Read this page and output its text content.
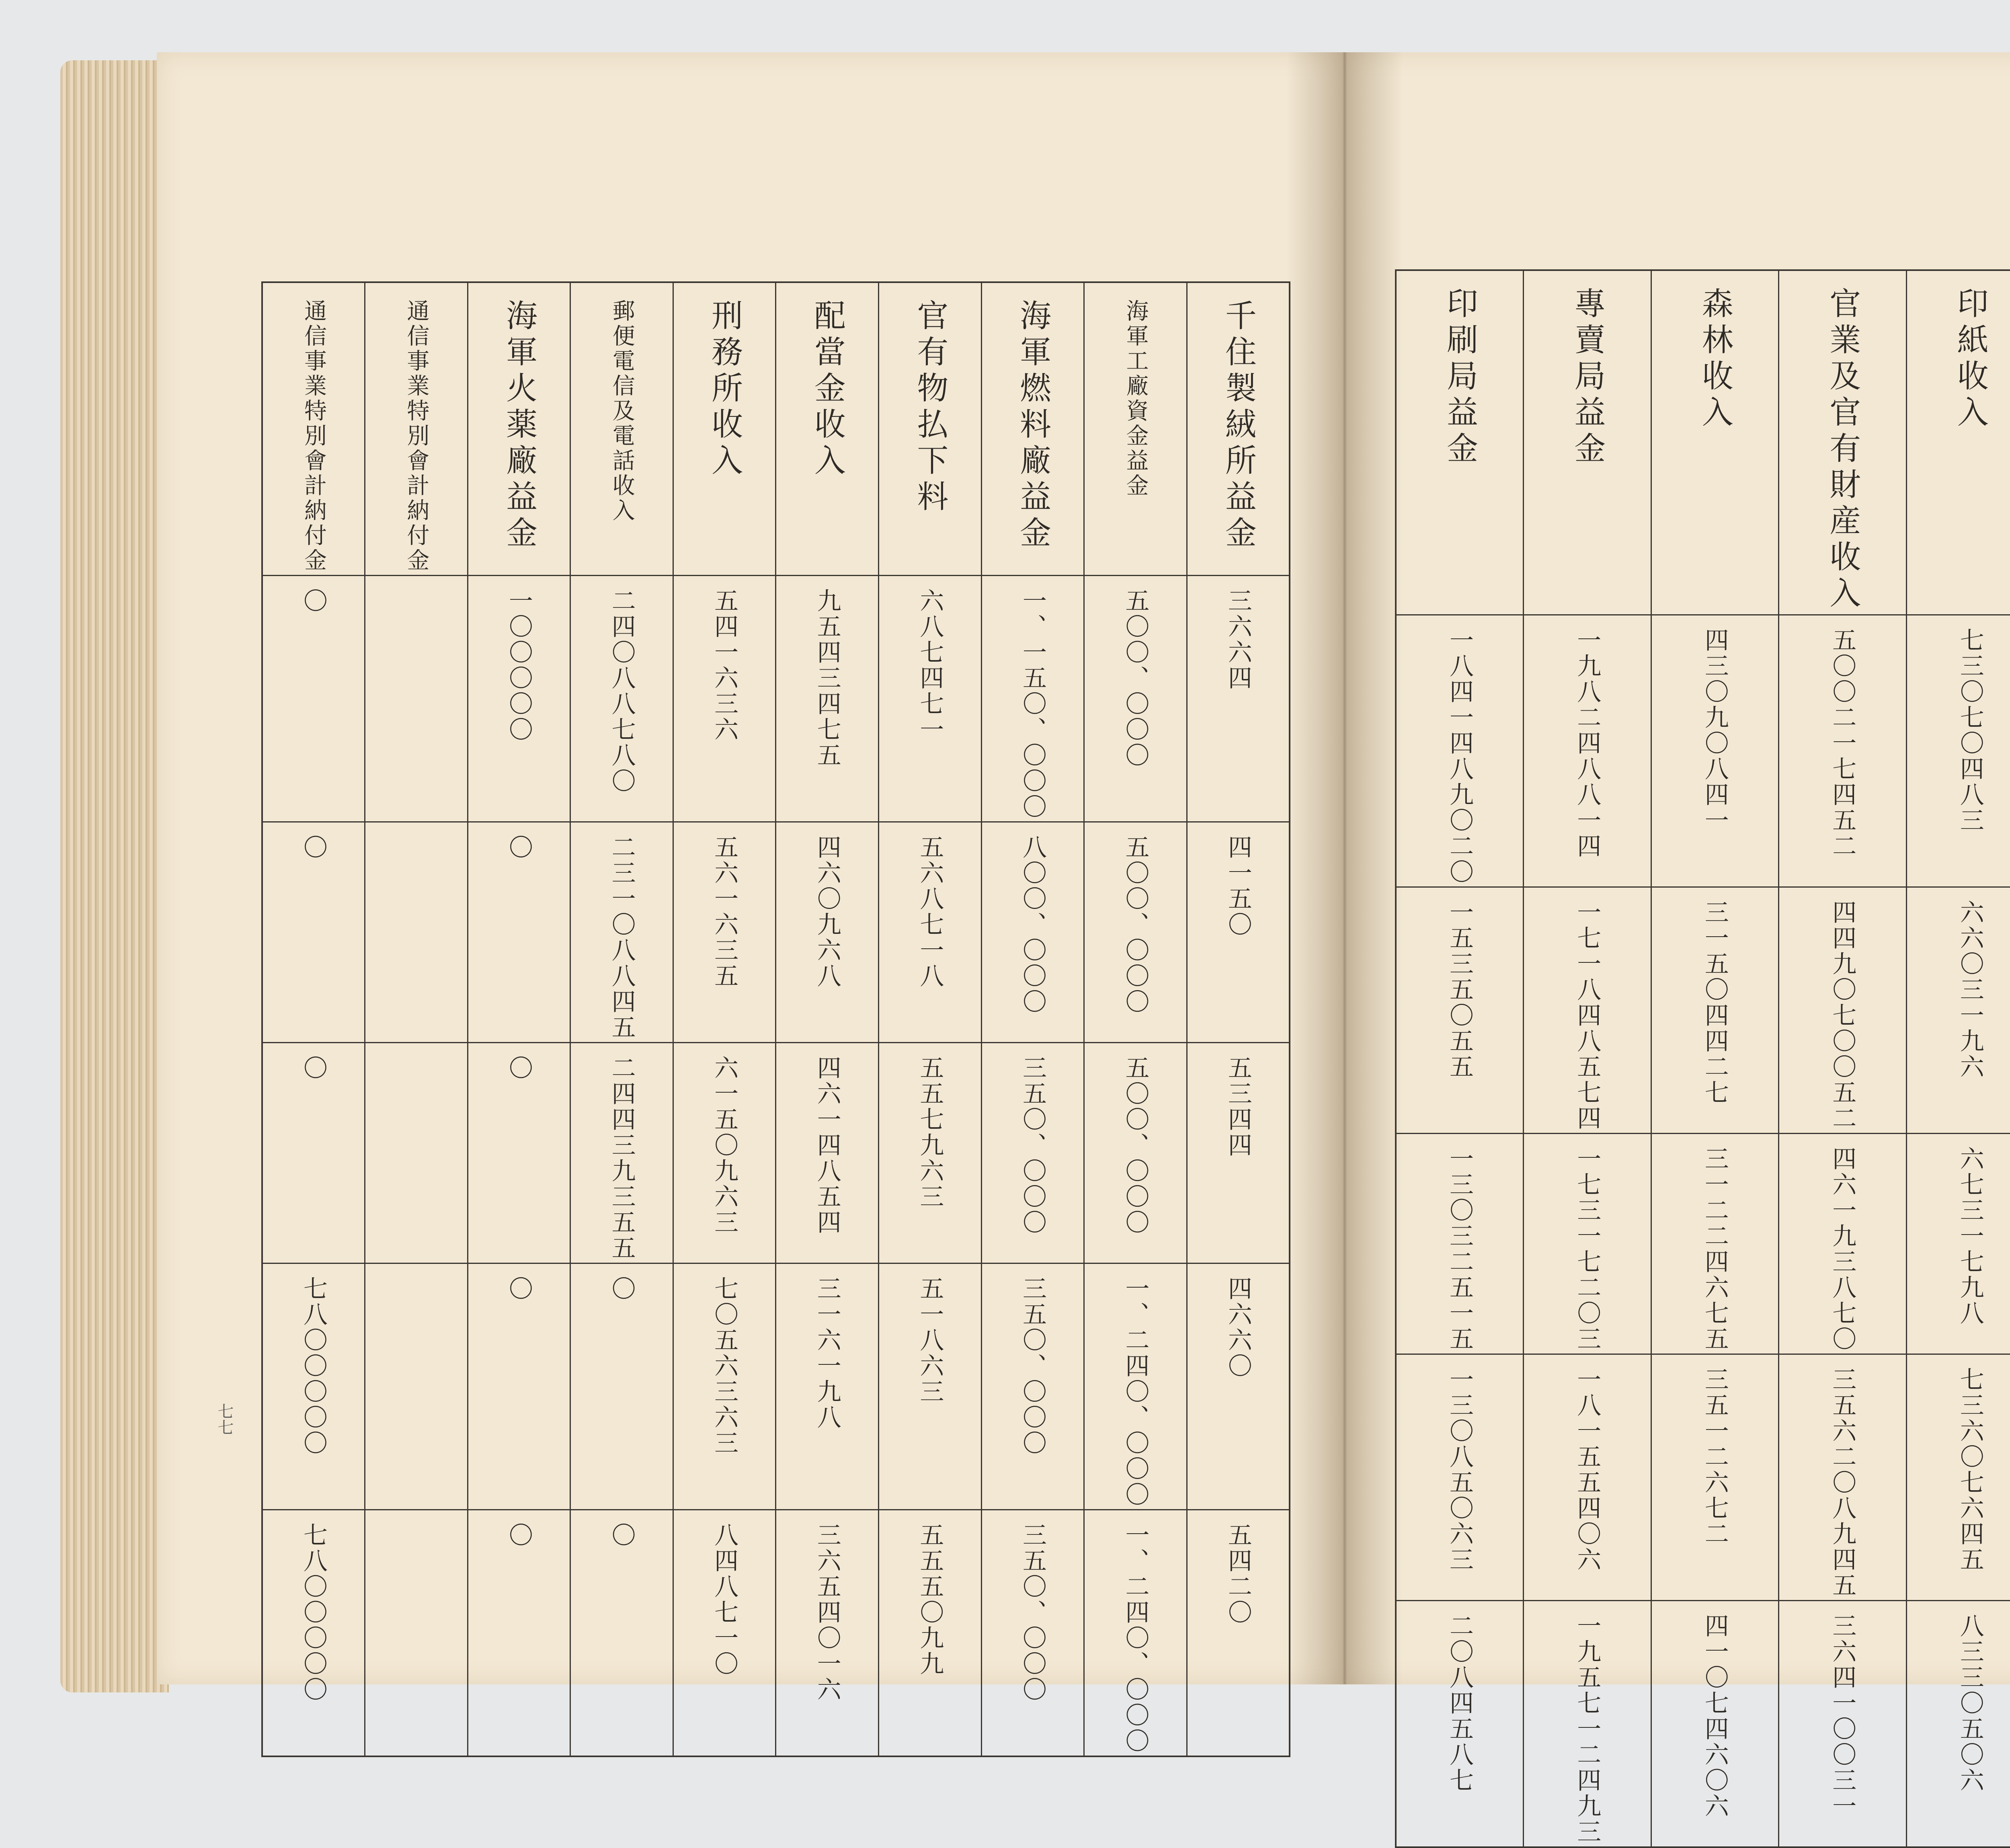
通信事業特別會計納付金	通信事業特別會計納付金	海軍火薬廠益金	郵便電信及電話收入	刑務所收入	配當金收入	官有物払下料	海軍燃料廠益金	海軍工廠資金益金	千住製絨所益金
〇		一〇〇〇〇〇	二四〇八八七八〇	五四一六三六	九五四三四七五	六八七四七一	一、一五〇、〇〇〇	五〇〇、〇〇〇	三六六四
〇		〇	二三一〇八八四五	五六一六三五	四六〇九六八	五六八七一八	八〇〇、〇〇〇	五〇〇、〇〇〇	四一五〇
〇		〇	二四四三九三五五	六一五〇九六三	四六一四八五四	五五七九六三	三五〇、〇〇〇	五〇〇、〇〇〇	五三四四
七八〇〇〇〇〇		〇	〇	七〇五六三六三	三一六一九八	五一八六三	三五〇、〇〇〇	一、二四〇、〇〇〇	四六六〇
七八〇〇〇〇〇		〇	〇	八四八七一〇	三六五四〇一六	五五五〇九九	三五〇、〇〇〇	一、二四〇、〇〇〇	五四二〇
七七
印刷局益金	專賣局益金	森林收入	官業及官有財産收入	印紙收入			

一八四一四八九〇二〇	一九八二四八八一四	四三〇九〇八四一	五〇〇二一七四五二	七三〇七〇四八三			

一五三五〇五五	一七一八四八五七四	三一五〇四四二七	四四九〇七〇〇五二	六六〇三一九六			

一三〇三二五一五	一七三一七二〇三	三一二二四六七五	四六一九三八七〇	六七三一七九八			

一三〇八五〇六三	一八一五五四〇六	三五一二六七二	三五六二〇八九四五	七三六〇七六四五			

二〇八四五八七	一九五七一二四九三	四一〇七四六〇六	三六四一〇〇三一	八三三〇五〇六			
